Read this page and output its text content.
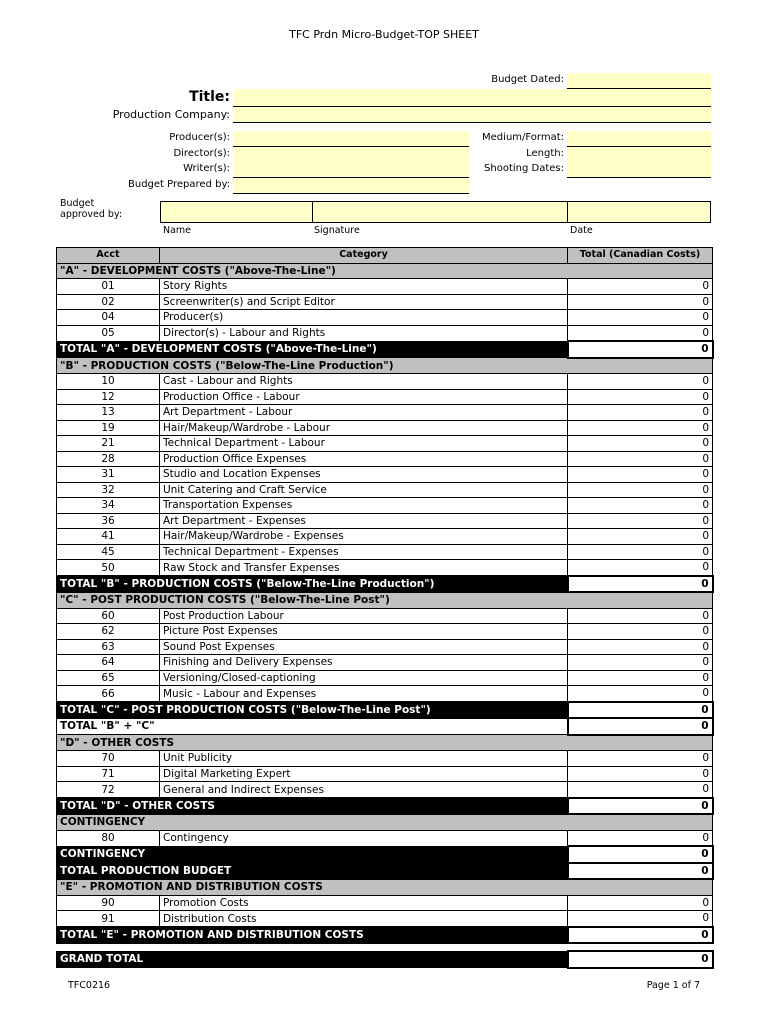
TFC Prdn Micro-Budget-TOP SHEET
Budget Dated:
Title:
Production Company:
Producer(s):
Director(s):
Writer(s):
Budget Prepared by:
Medium/Format:
Length:
Shooting Dates:
Budget
approved by:
Name	Signature	Date
Acct	Category	Total (Canadian Costs)
"A" - DEVELOPMENT COSTS ("Above-The-Line")		
01	Story Rights	0
02	Screenwriter(s) and Script Editor	0
04	Producer(s)	0
05	Director(s) - Labour and Rights	0
TOTAL "A" - DEVELOPMENT COSTS ("Above-The-Line")		0
"B" - PRODUCTION COSTS ("Below-The-Line Production")		
10	Cast - Labour and Rights	0
12	Production Office - Labour	0
13	Art Department - Labour	0
19	Hair/Makeup/Wardrobe - Labour	0
21	Technical Department - Labour	0
28	Production Office Expenses	0
31	Studio and Location Expenses	0
32	Unit Catering and Craft Service	0
34	Transportation Expenses	0
36	Art Department - Expenses	0
41	Hair/Makeup/Wardrobe - Expenses	0
45	Technical Department - Expenses	0
50	Raw Stock and Transfer Expenses	0
TOTAL "B" - PRODUCTION COSTS ("Below-The-Line Production")		0
"C" - POST PRODUCTION COSTS ("Below-The-Line Post")		
60	Post Production Labour	0
62	Picture Post Expenses	0
63	Sound Post Expenses	0
64	Finishing and Delivery Expenses	0
65	Versioning/Closed-captioning	0
66	Music - Labour and Expenses	0
TOTAL "C" - POST PRODUCTION COSTS ("Below-The-Line Post")		0
TOTAL "B" + "C"		0
"D" - OTHER COSTS		
70	Unit Publicity	0
71	Digital Marketing Expert	0
72	General and Indirect Expenses	0
TOTAL "D" - OTHER COSTS		0
CONTINGENCY		
80	Contingency	0
CONTINGENCY		0
TOTAL PRODUCTION BUDGET		0
"E" - PROMOTION AND DISTRIBUTION COSTS		
90	Promotion Costs	0
91	Distribution Costs	0
TOTAL "E" - PROMOTION AND DISTRIBUTION COSTS		0

GRAND TOTAL		0
TFC0216	Page 1 of 7
